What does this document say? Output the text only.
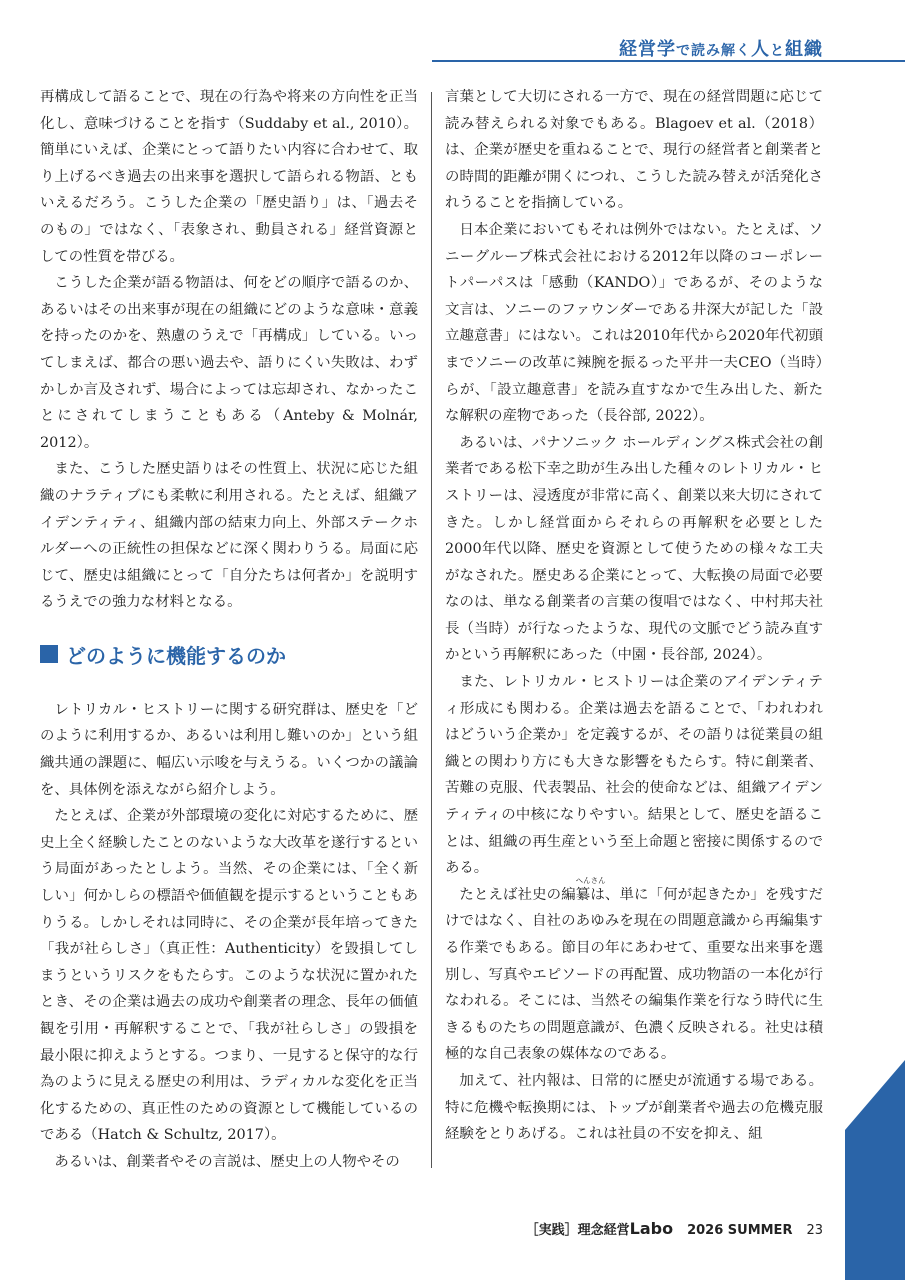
経営学で読み解く人と組織

再構成して語ることで、現在の行為や将来の方向性を正当化し、意味づけることを指す（Suddaby et al., 2010）。簡単にいえば、企業にとって語りたい内容に合わせて、取り上げるべき過去の出来事を選択して語られる物語、ともいえるだろう。こうした企業の「歴史語り」は、「過去そのもの」ではなく、「表象され、動員される」経営資源としての性質を帯びる。

こうした企業が語る物語は、何をどの順序で語るのか、あるいはその出来事が現在の組織にどのような意味・意義を持ったのかを、熟慮のうえで「再構成」している。いってしまえば、都合の悪い過去や、語りにくい失敗は、わずかしか言及されず、場合によっては忘却され、なかったことにされてしまうこともある（Anteby & Molnár, 2012）。

また、こうした歴史語りはその性質上、状況に応じた組織のナラティブにも柔軟に利用される。たとえば、組織アイデンティティ、組織内部の結束力向上、外部ステークホルダーへの正統性の担保などに深く関わりうる。局面に応じて、歴史は組織にとって「自分たちは何者か」を説明するうえでの強力な材料となる。

どのように機能するのか

レトリカル・ヒストリーに関する研究群は、歴史を「どのように利用するか、あるいは利用し難いのか」という組織共通の課題に、幅広い示唆を与えうる。いくつかの議論を、具体例を添えながら紹介しよう。

たとえば、企業が外部環境の変化に対応するために、歴史上全く経験したことのないような大改革を遂行するという局面があったとしよう。当然、その企業には、「全く新しい」何かしらの標語や価値観を提示するということもありうる。しかしそれは同時に、その企業が長年培ってきた「我が社らしさ」（真正性：Authenticity）を毀損してしまうというリスクをもたらす。このような状況に置かれたとき、その企業は過去の成功や創業者の理念、長年の価値観を引用・再解釈することで、「我が社らしさ」の毀損を最小限に抑えようとする。つまり、一見すると保守的な行為のように見える歴史の利用は、ラディカルな変化を正当化するための、真正性のための資源として機能しているのである（Hatch & Schultz, 2017）。

あるいは、創業者やその言説は、歴史上の人物やその

言葉として大切にされる一方で、現在の経営問題に応じて読み替えられる対象でもある。Blagoev et al.（2018）は、企業が歴史を重ねることで、現行の経営者と創業者との時間的距離が開くにつれ、こうした読み替えが活発化されうることを指摘している。

日本企業においてもそれは例外ではない。たとえば、ソニーグループ株式会社における2012年以降のコーポレートパーパスは「感動（KANDO）」であるが、そのような文言は、ソニーのファウンダーである井深大が記した「設立趣意書」にはない。これは2010年代から2020年代初頭までソニーの改革に辣腕を振るった平井一夫CEO（当時）らが、「設立趣意書」を読み直すなかで生み出した、新たな解釈の産物であった（長谷部, 2022）。

あるいは、パナソニック ホールディングス株式会社の創業者である松下幸之助が生み出した種々のレトリカル・ヒストリーは、浸透度が非常に高く、創業以来大切にされてきた。しかし経営面からそれらの再解釈を必要とした2000年代以降、歴史を資源として使うための様々な工夫がなされた。歴史ある企業にとって、大転換の局面で必要なのは、単なる創業者の言葉の復唱ではなく、中村邦夫社長（当時）が行なったような、現代の文脈でどう読み直すかという再解釈にあった（中園・長谷部, 2024）。

また、レトリカル・ヒストリーは企業のアイデンティティ形成にも関わる。企業は過去を語ることで、「われわれはどういう企業か」を定義するが、その語りは従業員の組織との関わり方にも大きな影響をもたらす。特に創業者、苦難の克服、代表製品、社会的使命などは、組織アイデンティティの中核になりやすい。結果として、歴史を語ることは、組織の再生産という至上命題と密接に関係するのである。

たとえば社史の
へんさん
編纂は、単に「何が起きたか」を残すだけではなく、自社のあゆみを現在の問題意識から再編集する作業でもある。節目の年にあわせて、重要な出来事を選別し、写真やエピソードの再配置、成功物語の一本化が行なわれる。そこには、当然その編集作業を行なう時代に生きるものたちの問題意識が、色濃く反映される。社史は積極的な自己表象の媒体なのである。

加えて、社内報は、日常的に歴史が流通する場である。特に危機や転換期には、トップが創業者や過去の危機克服経験をとりあげる。これは社員の不安を抑え、組

［実践］理念経営Labo 2026 SUMMER 23
